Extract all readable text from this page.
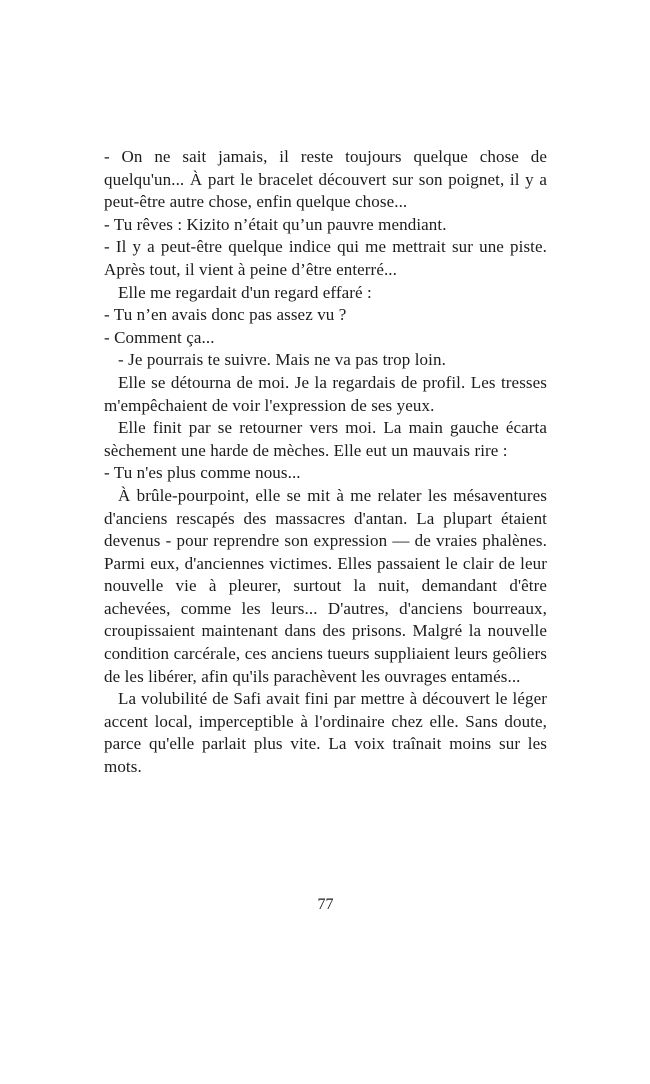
- On ne sait jamais, il reste toujours quelque chose de quelqu'un... À part le bracelet découvert sur son poignet, il y a peut-être autre chose, enfin quelque chose...

- Tu rêves : Kizito n’était qu’un pauvre mendiant.

- Il y a peut-être quelque indice qui me mettrait sur une piste. Après tout, il vient à peine d’être enterré...

Elle me regardait d'un regard effaré :

- Tu n’en avais donc pas assez vu ?

- Comment ça...

- Je pourrais te suivre. Mais ne va pas trop loin.

Elle se détourna de moi. Je la regardais de profil. Les tresses m'empêchaient de voir l'expression de ses yeux.

Elle finit par se retourner vers moi. La main gauche écarta sèchement une harde de mèches. Elle eut un mauvais rire :

- Tu n'es plus comme nous...

À brûle-pourpoint, elle se mit à me relater les mésaventures d'anciens rescapés des massacres d'antan. La plupart étaient devenus - pour reprendre son expression — de vraies phalènes. Parmi eux, d'anciennes victimes. Elles passaient le clair de leur nouvelle vie à pleurer, surtout la nuit, demandant d'être achevées, comme les leurs... D'autres, d'anciens bourreaux, croupissaient maintenant dans des prisons. Malgré la nouvelle condition carcérale, ces anciens tueurs suppliaient leurs geôliers de les libérer, afin qu'ils parachèvent les ouvrages entamés...

La volubilité de Safi avait fini par mettre à découvert le léger accent local, imperceptible à l'ordinaire chez elle. Sans doute, parce qu'elle parlait plus vite. La voix traînait moins sur les mots.

77
